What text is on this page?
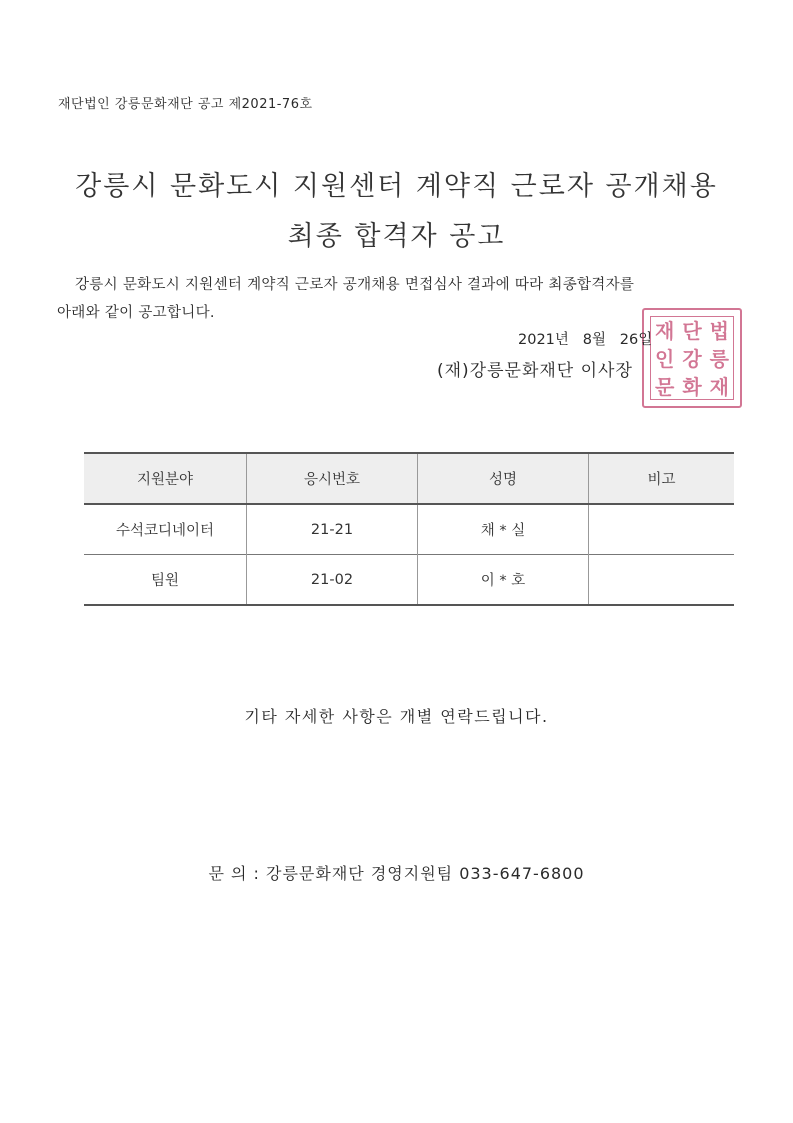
재단법인 강릉문화재단 공고 제2021-76호
강릉시 문화도시 지원센터 계약직 근로자 공개채용
최종 합격자 공고
강릉시 문화도시 지원센터 계약직 근로자 공개채용 면접심사 결과에 따라 최종합격자를
아래와 같이 공고합니다.
재 단 법
인 강 릉
문 화 재
2021년   8월   26일
(재)강릉문화재단 이사장
지원분야	응시번호	성명	비고
수석코디네이터	21-21	채 * 실	
팀원	21-02	이 * 호	
기타 자세한 사항은 개별 연락드립니다.
문 의 : 강릉문화재단 경영지원팀 033-647-6800
